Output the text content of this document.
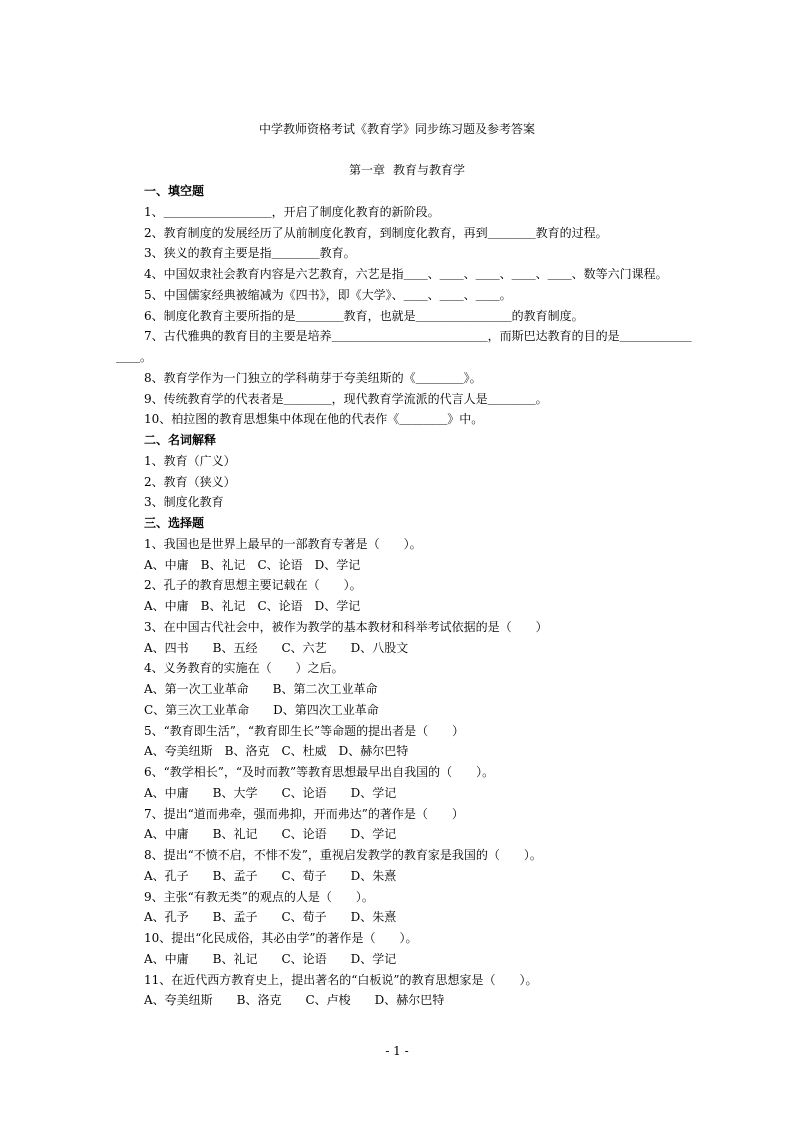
中学教师资格考试《教育学》同步练习题及参考答案
第一章 教育与教育学
一、填空题
1、＿＿＿＿＿＿＿＿＿，开启了制度化教育的新阶段。
2、教育制度的发展经历了从前制度化教育，到制度化教育，再到＿＿＿＿教育的过程。
3、狭义的教育主要是指＿＿＿＿教育。
4、中国奴隶社会教育内容是六艺教育，六艺是指＿＿、＿＿、＿＿、＿＿、＿＿、数等六门课程。
5、中国儒家经典被缩减为《四书》，即《大学》、＿＿、＿＿、＿＿。
6、制度化教育主要所指的是＿＿＿＿教育，也就是＿＿＿＿＿＿＿＿的教育制度。
7、古代雅典的教育目的主要是培养＿＿＿＿＿＿＿＿＿＿＿＿＿，而斯巴达教育的目的是＿＿＿＿＿＿
＿＿。
8、教育学作为一门独立的学科萌芽于夸美纽斯的《＿＿＿＿》。
9、传统教育学的代表者是＿＿＿＿，现代教育学流派的代言人是＿＿＿＿。
10、柏拉图的教育思想集中体现在他的代表作《＿＿＿＿》中。
二、名词解释
1、教育（广义）
2、教育（狭义）
3、制度化教育
三、选择题
1、我国也是世界上最早的一部教育专著是（　　）。
A、中庸　B、礼记　C、论语　D、学记
2、孔子的教育思想主要记载在（　　）。
A、中庸　B、礼记　C、论语　D、学记
3、在中国古代社会中，被作为教学的基本教材和科举考试依据的是（　　）
A、四书　　B、五经　　C、六艺　　D、八股文
4、义务教育的实施在（　　）之后。
A、第一次工业革命　　B、第二次工业革命
C、第三次工业革命　　D、第四次工业革命
5、“教育即生活”，“教育即生长”等命题的提出者是（　　）
A、夸美纽斯　B、洛克　C、杜威　D、赫尔巴特
6、“教学相长”，“及时而教”等教育思想最早出自我国的（　　）。
A、中庸　　B、大学　　C、论语　　D、学记
7、提出“道而弗牵，强而弗抑，开而弗达”的著作是（　　）
A、中庸　　B、礼记　　C、论语　　D、学记
8、提出“不愤不启，不悱不发”，重视启发教学的教育家是我国的（　　）。
A、孔子　　B、孟子　　C、荀子　　D、朱熹
9、主张“有教无类”的观点的人是（　　）。
A、孔予　　B、孟子　　C、荀子　　D、朱熹
10、提出“化民成俗，其必由学”的著作是（　　）。
A、中庸　　B、礼记　　C、论语　　D、学记
11、在近代西方教育史上，提出著名的“白板说”的教育思想家是（　　）。
A、夸美纽斯　　B、洛克　　C、卢梭　　D、赫尔巴特
- 1 -
